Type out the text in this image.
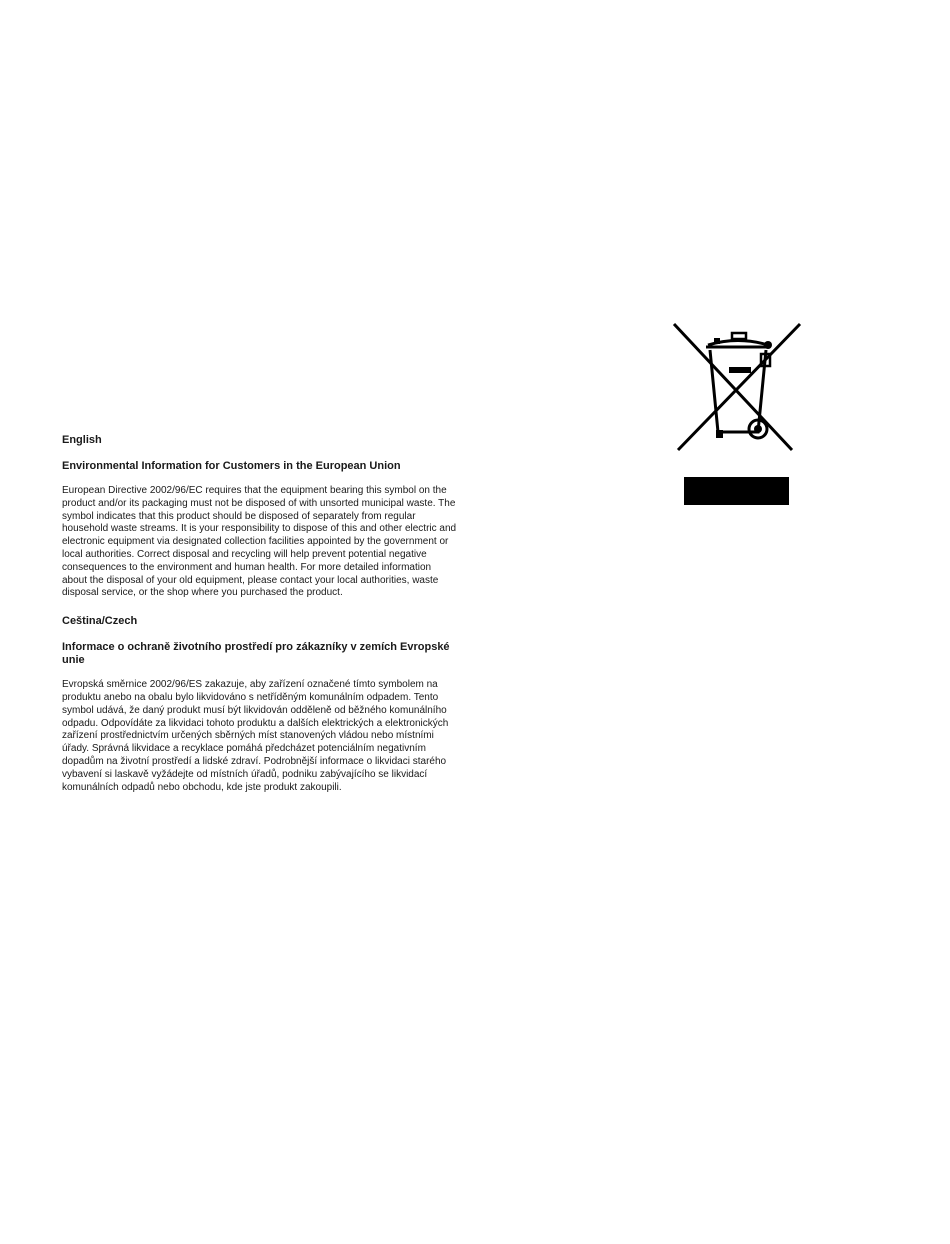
English
Environmental Information for Customers in the European Union

European Directive 2002/96/EC requires that the equipment bearing this symbol on the product and/or its packaging must not be disposed of with unsorted municipal waste. The symbol indicates that this product should be disposed of separately from regular household waste streams. It is your responsibility to dispose of this and other electric and electronic equipment via designated collection facilities appointed by the government or local authorities. Correct disposal and recycling will help prevent potential negative consequences to the environment and human health. For more detailed information about the disposal of your old equipment, please contact your local authorities, waste disposal service, or the shop where you purchased the product.

Ceština/Czech
Informace o ochraně životního prostředí pro zákazníky v zemích Evropské unie

Evropská směrnice 2002/96/ES zakazuje, aby zařízení označené tímto symbolem na produktu anebo na obalu bylo likvidováno s netříděným komunálním odpadem. Tento symbol udává, že daný produkt musí být likvidován odděleně od běžného komunálního odpadu. Odpovídáte za likvidaci tohoto produktu a dalších elektrických a elektronických zařízení prostřednictvím určených sběrných míst stanovených vládou nebo místními úřady. Správná likvidace a recyklace pomáhá předcházet potenciálním negativním dopadům na životní prostředí a lidské zdraví. Podrobnější informace o likvidaci starého vybavení si laskavě vyžádejte od místních úřadů, podniku zabývajícího se likvidací komunálních odpadů nebo obchodu, kde jste produkt zakoupili.
